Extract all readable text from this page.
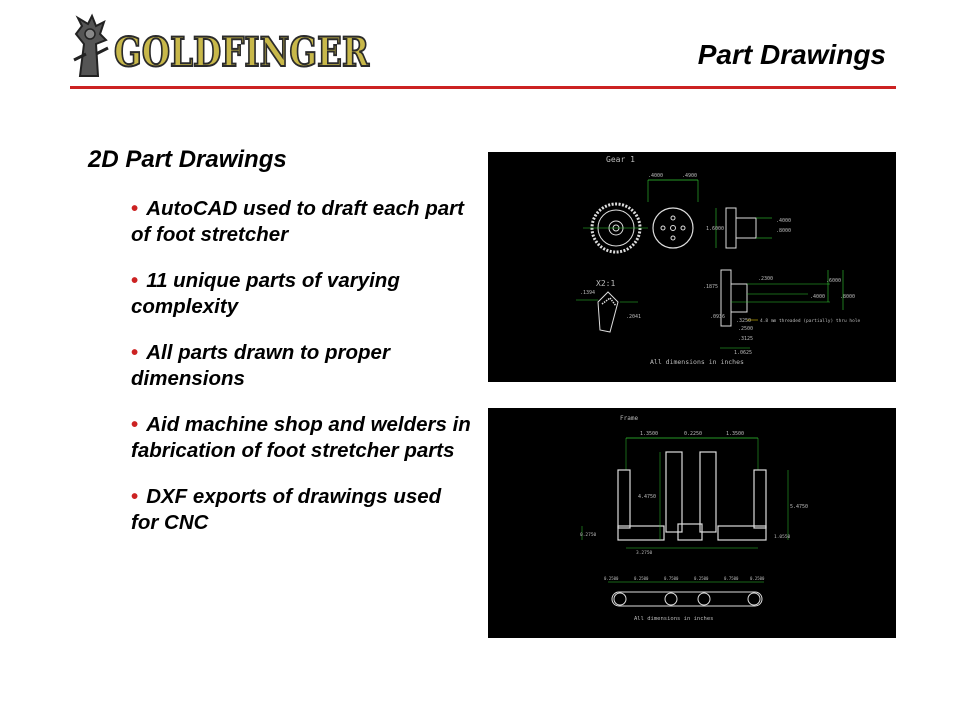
GOLDFINGER	Part Drawings
2D Part Drawings
• AutoCAD used to draft each part of foot stretcher
• 11 unique parts of varying complexity
• All parts drawn to proper dimensions
• Aid machine shop and welders in fabrication of foot stretcher parts
• DXF exports of drawings used for CNC
Gear 1
.4000	.4900
1.6000
.4000
.8000
X2:1
.1394
.2041
.2300
.1875
.4000
.6000
.8000
.0936
.3250
.2500
.3125
1.0625
4.8 mm threaded (partially) thru hole
All dimensions in inches
Frame
1.3500	0.2250	1.3500
5.4750
4.4750
0.2750	1.0550
3.2750
0.2500	0.2500	0.7500	0.2500	0.7500	0.2500
All dimensions in inches
